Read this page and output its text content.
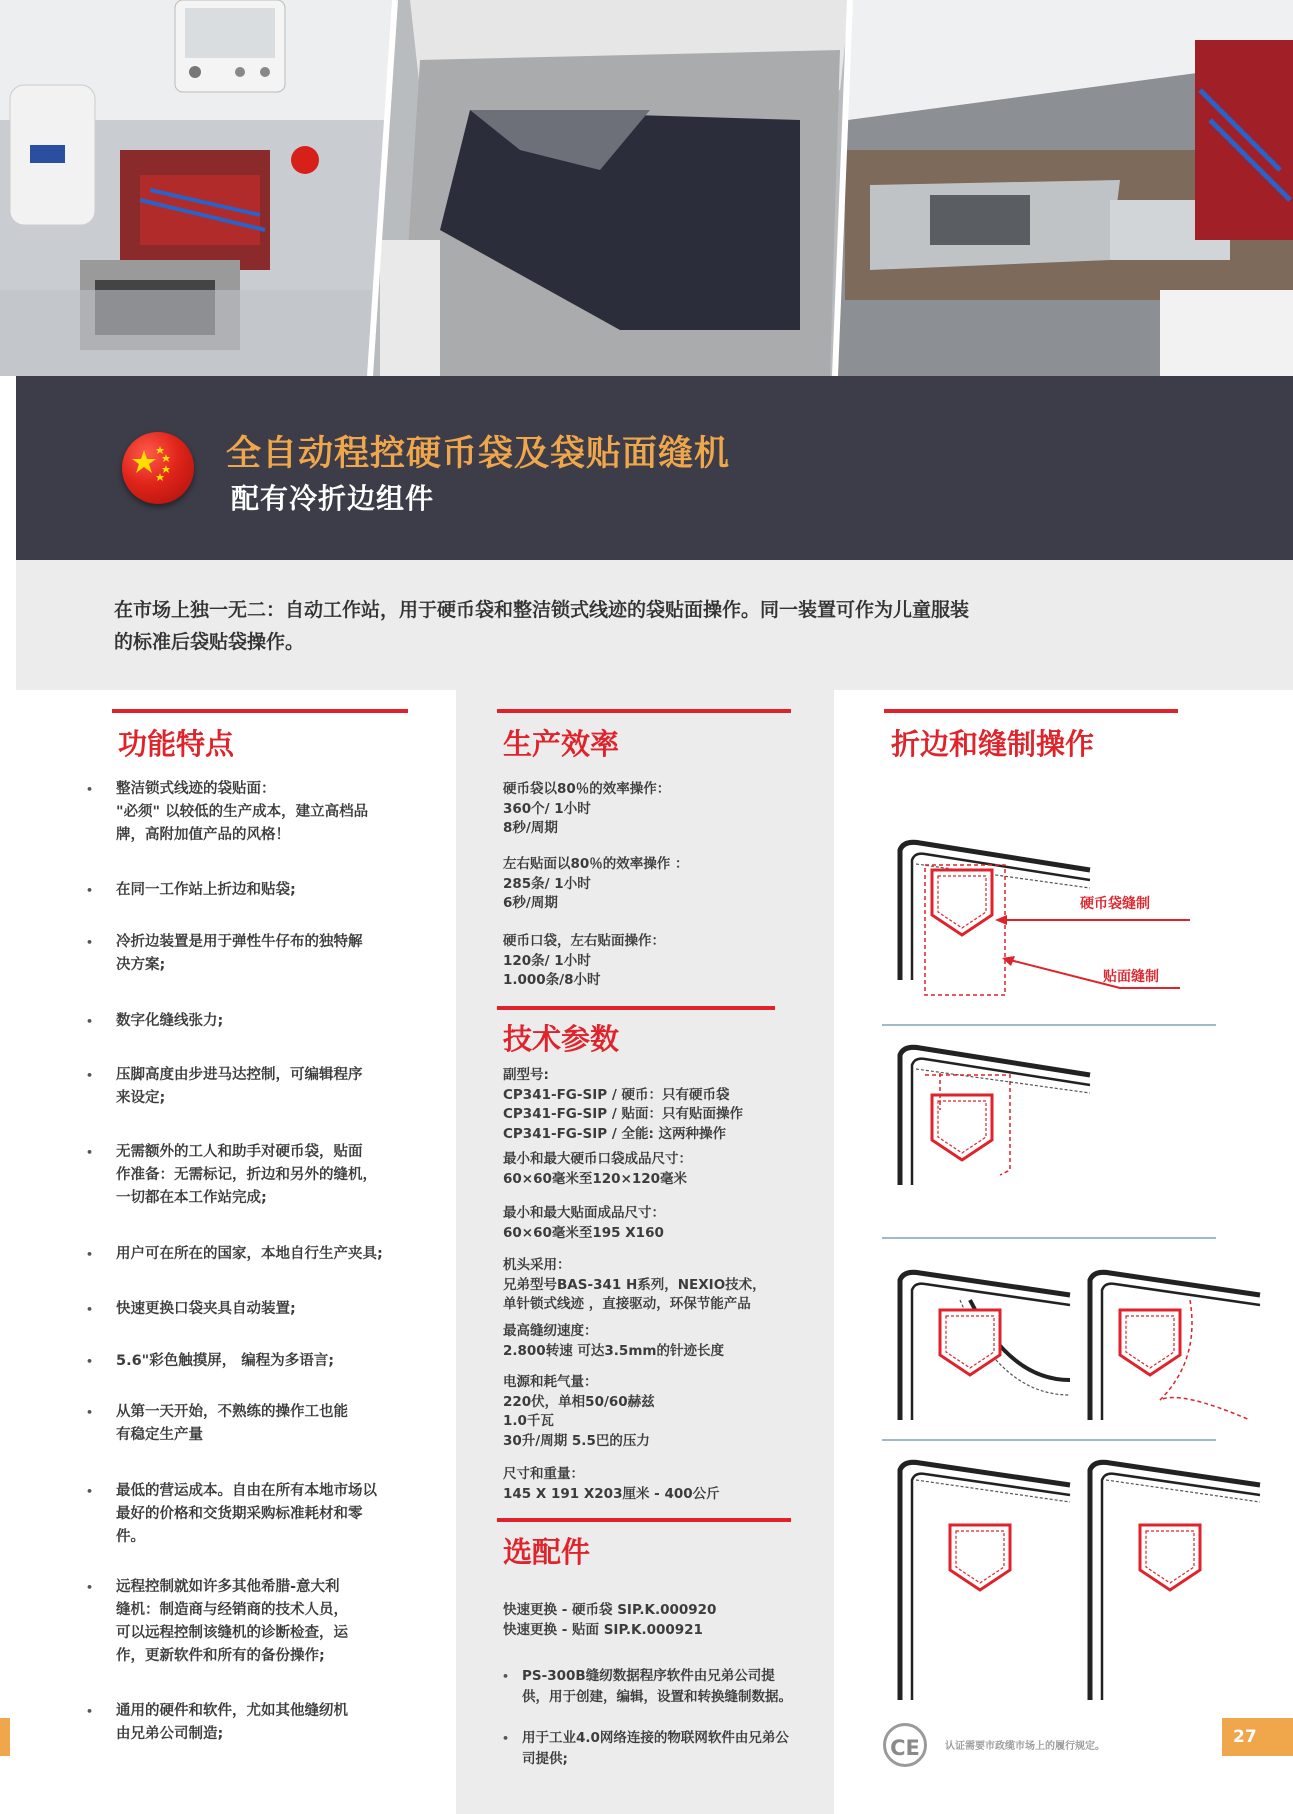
全自动程控硬币袋及袋贴面缝机
配有冷折边组件

在市场上独一无二：自动工作站，用于硬币袋和整洁锁式线迹的袋贴面操作。同一装置可作为儿童服装
的标准后袋贴袋操作。

功能特点
• 整洁锁式线迹的袋贴面：
"必须" 以较低的生产成本，建立高档品
牌，高附加值产品的风格！
• 在同一工作站上折边和贴袋;
• 冷折边装置是用于弹性牛仔布的独特解
决方案;
• 数字化缝线张力;
• 压脚高度由步进马达控制，可编辑程序
来设定;
• 无需额外的工人和助手对硬币袋，贴面
作准备：无需标记，折边和另外的缝机，
一切都在本工作站完成;
• 用户可在所在的国家，本地自行生产夹具;
• 快速更换口袋夹具自动装置;
• 5.6"彩色触摸屏， 编程为多语言;
• 从第一天开始，不熟练的操作工也能
有稳定生产量
• 最低的营运成本。自由在所有本地市场以
最好的价格和交货期采购标准耗材和零
件。
• 远程控制就如许多其他希腊-意大利
缝机：制造商与经销商的技术人员，
可以远程控制该缝机的诊断检查，运
作，更新软件和所有的备份操作;
• 通用的硬件和软件，尤如其他缝纫机
由兄弟公司制造;
生产效率
硬币袋以80％的效率操作：
360个/ 1小时
8秒/周期
左右贴面以80％的效率操作 ：
285条/ 1小时
6秒/周期
硬币口袋，左右贴面操作：
120条/ 1小时
1.000条/8小时
技术参数
副型号:
CP341-FG-SIP / 硬币：只有硬币袋
CP341-FG-SIP / 贴面：只有贴面操作
CP341-FG-SIP / 全能: 这两种操作
最小和最大硬币口袋成品尺寸：
60×60毫米至120×120毫米
最小和最大贴面成品尺寸：
60×60毫米至195 X160
机头采用：
兄弟型号BAS-341 H系列，NEXIO技术，
单针锁式线迹 ，直接驱动，环保节能产品
最高缝纫速度：
2.800转速 可达3.5mm的针迹长度
电源和耗气量：
220伏，单相50/60赫兹
1.0千瓦
30升/周期 5.5巴的压力
尺寸和重量：
145 X 191 X203厘米 - 400公斤
选配件
快速更换 - 硬币袋 SIP.K.000920
快速更换 - 贴面 SIP.K.000921
• PS-300B缝纫数据程序软件由兄弟公司提
供，用于创建，编辑，设置和转换缝制数据。
• 用于工业4.0网络连接的物联网软件由兄弟公
司提供;
折边和缝制操作
硬币袋缝制
贴面缝制
CE	认证需要市政缆市场上的履行规定。	27
